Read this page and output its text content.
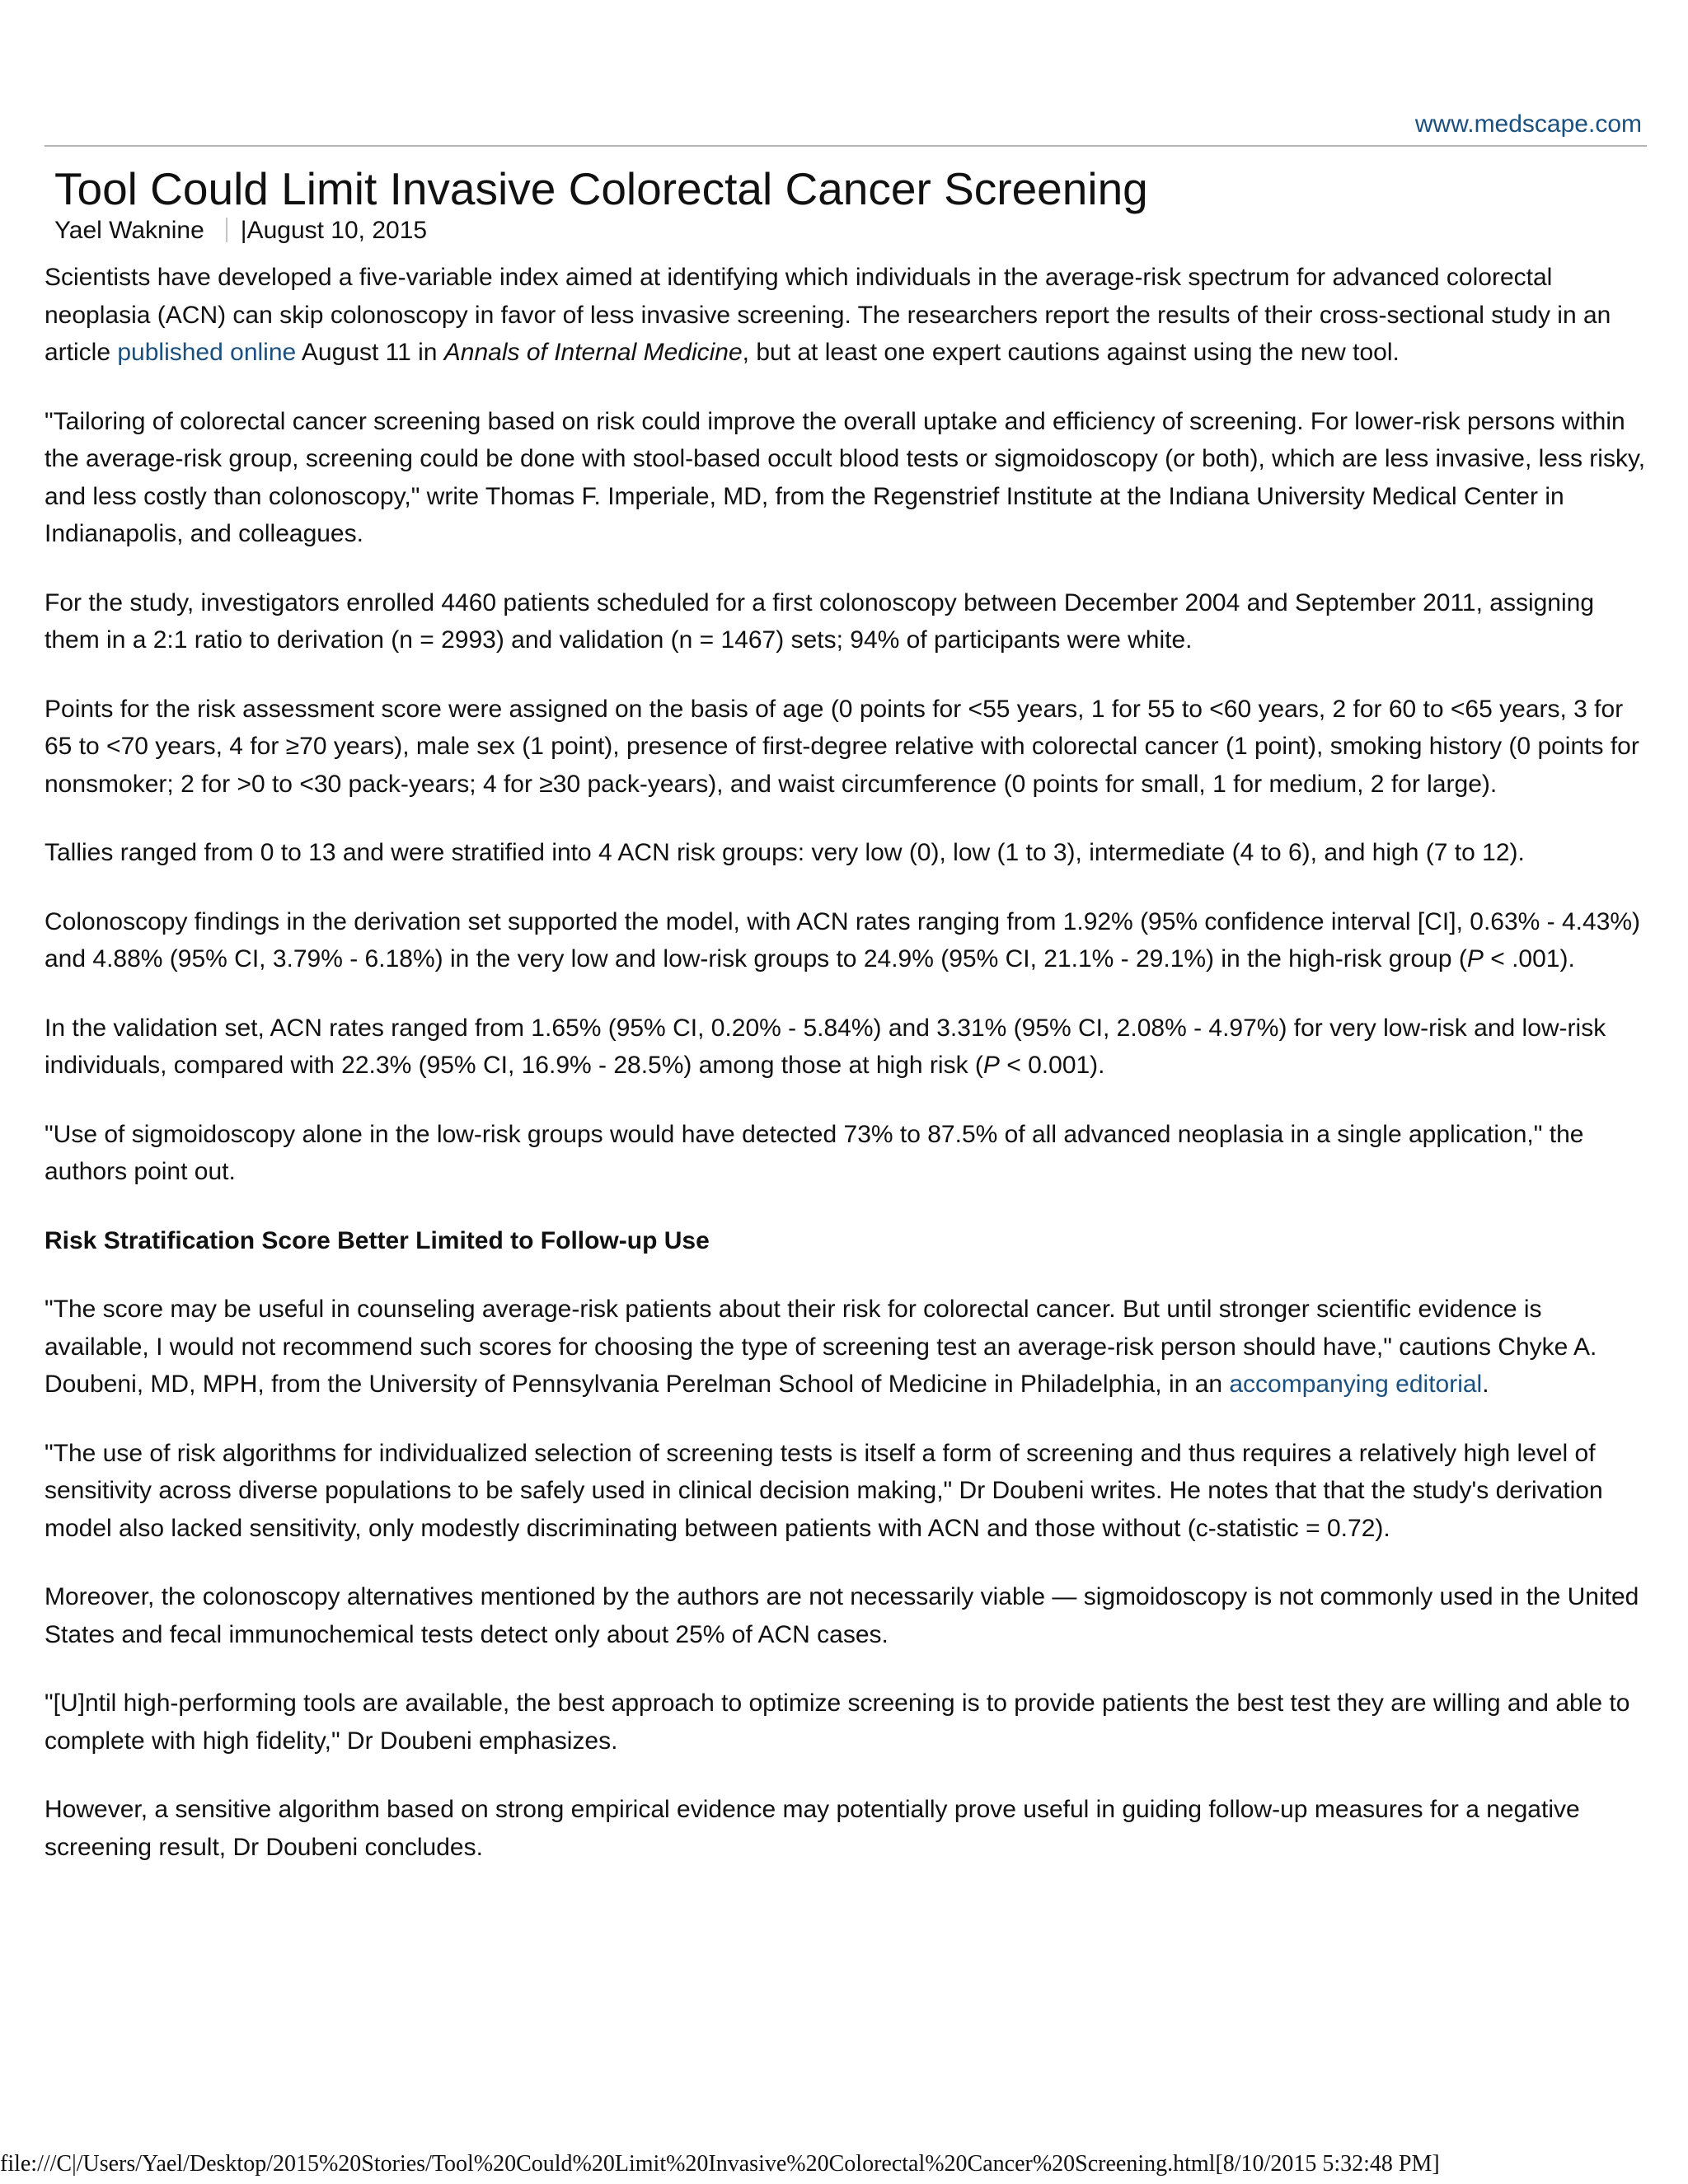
www.medscape.com
Tool Could Limit Invasive Colorectal Cancer Screening
Yael Waknine |August 10, 2015

Scientists have developed a five-variable index aimed at identifying which individuals in the average-risk spectrum for advanced colorectal neoplasia (ACN) can skip colonoscopy in favor of less invasive screening. The researchers report the results of their cross-sectional study in an article published online August 11 in Annals of Internal Medicine, but at least one expert cautions against using the new tool.

"Tailoring of colorectal cancer screening based on risk could improve the overall uptake and efficiency of screening. For lower-risk persons within the average-risk group, screening could be done with stool-based occult blood tests or sigmoidoscopy (or both), which are less invasive, less risky, and less costly than colonoscopy," write Thomas F. Imperiale, MD, from the Regenstrief Institute at the Indiana University Medical Center in Indianapolis, and colleagues.

For the study, investigators enrolled 4460 patients scheduled for a first colonoscopy between December 2004 and September 2011, assigning them in a 2:1 ratio to derivation (n = 2993) and validation (n = 1467) sets; 94% of participants were white.

Points for the risk assessment score were assigned on the basis of age (0 points for <55 years, 1 for 55 to <60 years, 2 for 60 to <65 years, 3 for 65 to <70 years, 4 for ≥70 years), male sex (1 point), presence of first-degree relative with colorectal cancer (1 point), smoking history (0 points for nonsmoker; 2 for >0 to <30 pack-years; 4 for ≥30 pack-years), and waist circumference (0 points for small, 1 for medium, 2 for large).

Tallies ranged from 0 to 13 and were stratified into 4 ACN risk groups: very low (0), low (1 to 3), intermediate (4 to 6), and high (7 to 12).

Colonoscopy findings in the derivation set supported the model, with ACN rates ranging from 1.92% (95% confidence interval [CI], 0.63% - 4.43%) and 4.88% (95% CI, 3.79% - 6.18%) in the very low and low-risk groups to 24.9% (95% CI, 21.1% - 29.1%) in the high-risk group (P < .001).

In the validation set, ACN rates ranged from 1.65% (95% CI, 0.20% - 5.84%) and 3.31% (95% CI, 2.08% - 4.97%) for very low-risk and low-risk individuals, compared with 22.3% (95% CI, 16.9% - 28.5%) among those at high risk (P < 0.001).

"Use of sigmoidoscopy alone in the low-risk groups would have detected 73% to 87.5% of all advanced neoplasia in a single application," the authors point out.

Risk Stratification Score Better Limited to Follow-up Use

"The score may be useful in counseling average-risk patients about their risk for colorectal cancer. But until stronger scientific evidence is available, I would not recommend such scores for choosing the type of screening test an average-risk person should have," cautions Chyke A. Doubeni, MD, MPH, from the University of Pennsylvania Perelman School of Medicine in Philadelphia, in an accompanying editorial.

"The use of risk algorithms for individualized selection of screening tests is itself a form of screening and thus requires a relatively high level of sensitivity across diverse populations to be safely used in clinical decision making," Dr Doubeni writes. He notes that that the study's derivation model also lacked sensitivity, only modestly discriminating between patients with ACN and those without (c-statistic = 0.72).

Moreover, the colonoscopy alternatives mentioned by the authors are not necessarily viable — sigmoidoscopy is not commonly used in the United States and fecal immunochemical tests detect only about 25% of ACN cases.

"[U]ntil high-performing tools are available, the best approach to optimize screening is to provide patients the best test they are willing and able to complete with high fidelity," Dr Doubeni emphasizes.

However, a sensitive algorithm based on strong empirical evidence may potentially prove useful in guiding follow-up measures for a negative screening result, Dr Doubeni concludes.

file:///C|/Users/Yael/Desktop/2015%20Stories/Tool%20Could%20Limit%20Invasive%20Colorectal%20Cancer%20Screening.html[8/10/2015 5:32:48 PM]
